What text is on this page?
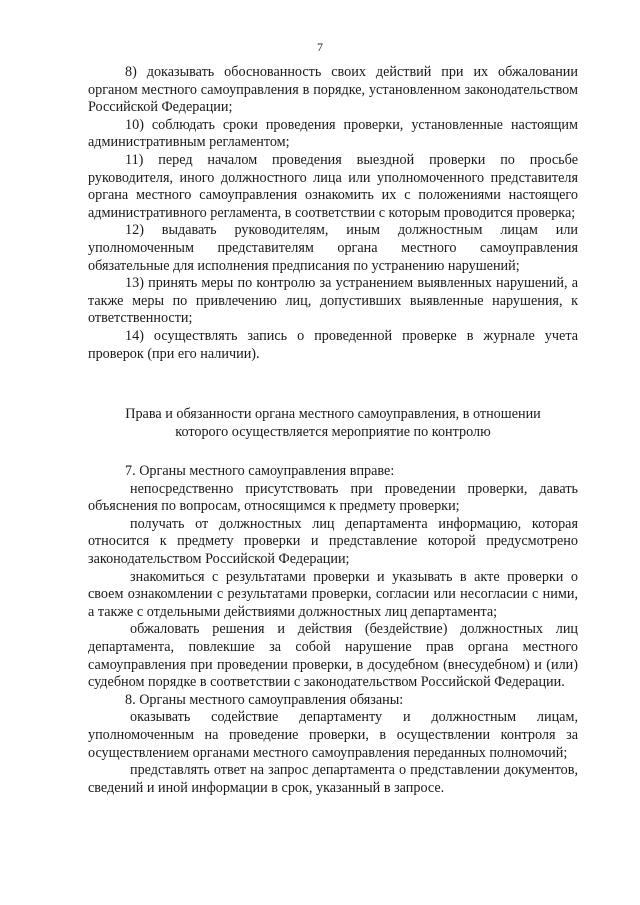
7

8) доказывать обоснованность своих действий при их обжаловании органом местного самоуправления в порядке, установленном законодательством Российской Федерации;

10) соблюдать сроки проведения проверки, установленные настоящим административным регламентом;

11) перед началом проведения выездной проверки по просьбе руководителя, иного должностного лица или уполномоченного представителя органа местного самоуправления ознакомить их с положениями настоящего административного регламента, в соответствии с которым проводится проверка;

12) выдавать руководителям, иным должностным лицам или уполномоченным представителям органа местного самоуправления обязательные для исполнения предписания по устранению нарушений;

13) принять меры по контролю за устранением выявленных нарушений, а также меры по привлечению лиц, допустивших выявленные нарушения, к ответственности;

14) осуществлять запись о проведенной проверке в журнале учета проверок (при его наличии).

Права и обязанности органа местного самоуправления, в отношении

которого осуществляется мероприятие по контролю

7. Органы местного самоуправления вправе:

непосредственно присутствовать при проведении проверки, давать объяснения по вопросам, относящимся к предмету проверки;

получать от должностных лиц департамента информацию, которая относится к предмету проверки и представление которой предусмотрено законодательством Российской Федерации;

знакомиться с результатами проверки и указывать в акте проверки о своем ознакомлении с результатами проверки, согласии или несогласии с ними, а также с отдельными действиями должностных лиц департамента;

обжаловать решения и действия (бездействие) должностных лиц департамента, повлекшие за собой нарушение прав органа местного самоуправления при проведении проверки, в досудебном (внесудебном) и (или) судебном порядке в соответствии с законодательством Российской Федерации.

8. Органы местного самоуправления обязаны:

оказывать содействие департаменту и должностным лицам, уполномоченным на проведение проверки, в осуществлении контроля за осуществлением органами местного самоуправления переданных полномочий;

представлять ответ на запрос департамента о представлении документов, сведений и иной информации в срок, указанный в запросе.
